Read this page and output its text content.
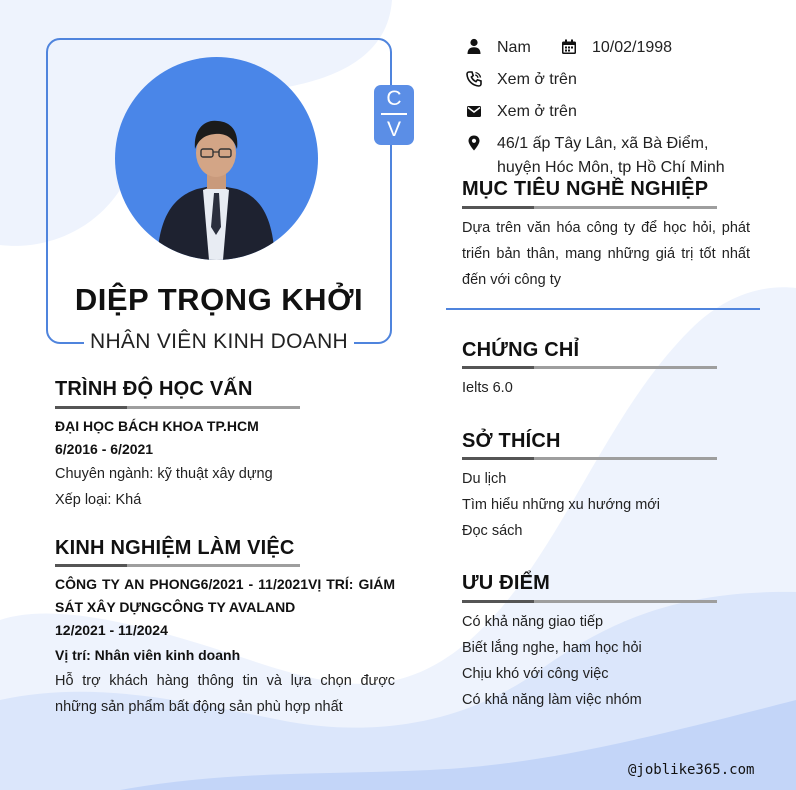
C
V
DIỆP TRỌNG KHỞI
NHÂN VIÊN KINH DOANH
Nam	10/02/1998
Xem ở trên
Xem ở trên
46/1 ấp Tây Lân, xã Bà Điểm,
huyện Hóc Môn, tp Hồ Chí Minh
MỤC TIÊU NGHỀ NGHIỆP
Dựa trên văn hóa công ty để học hỏi, phát triển bản thân, mang những giá trị tốt nhất đến với công ty
CHỨNG CHỈ
Ielts 6.0
SỞ THÍCH
Du lịch
Tìm hiểu những xu hướng mới
Đọc sách
ƯU ĐIỂM
Có khả năng giao tiếp
Biết lắng nghe, ham học hỏi
Chịu khó với công việc
Có khả năng làm việc nhóm
TRÌNH ĐỘ HỌC VẤN
ĐẠI HỌC BÁCH KHOA TP.HCM
6/2016 - 6/2021
Chuyên ngành: kỹ thuật xây dựng
Xếp loại: Khá
KINH NGHIỆM LÀM VIỆC
CÔNG TY AN PHONG6/2021 - 11/2021VỊ TRÍ: GIÁM
SÁT XÂY DỰNGCÔNG TY AVALAND
12/2021 - 11/2024
Vị trí: Nhân viên kinh doanh
Hỗ trợ khách hàng thông tin và lựa chọn được những sản phẩm bất động sản phù hợp nhất
@joblike365.com
